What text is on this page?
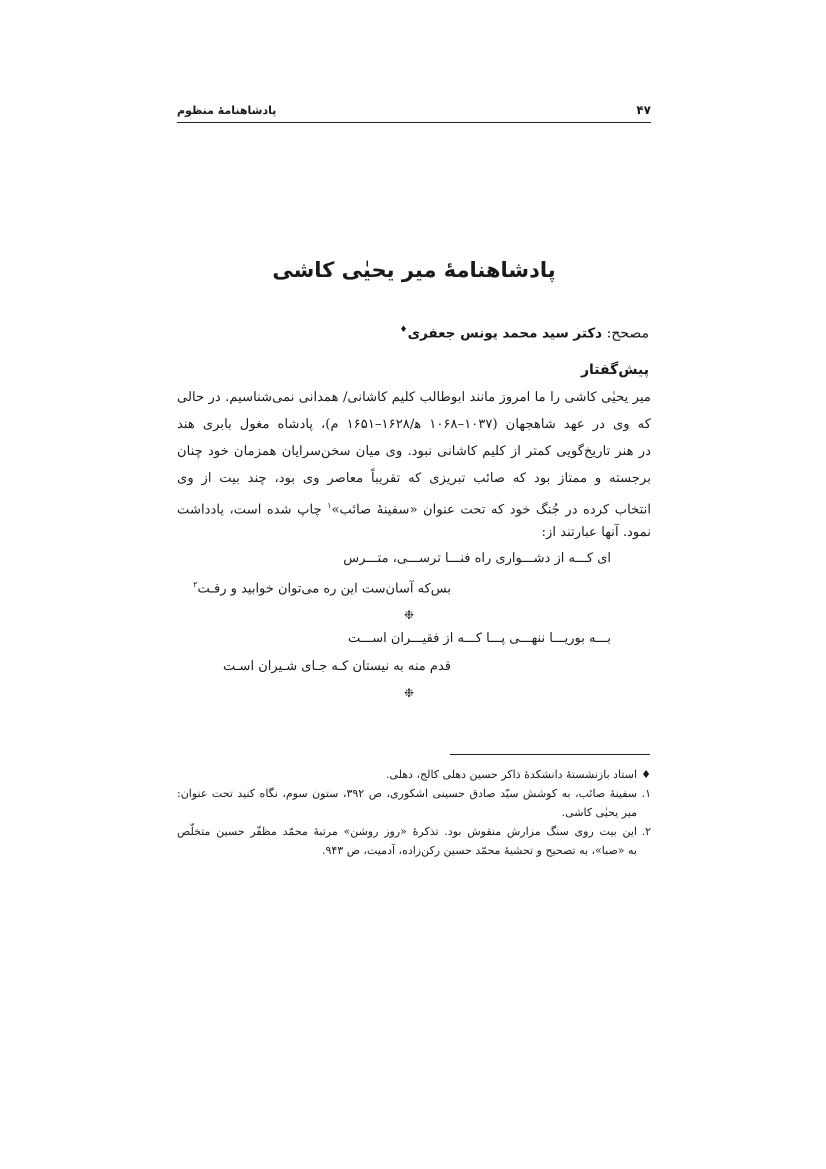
پادشاهنامهٔ منظوم	۴۷
پادشاهنامهٔ میر یحیٰی کاشی
مصحح: دکتر سید محمد یونس جعفری♦
پیش‌گفتار
میر یحیٰی کاشی را ما امروز مانند ابوطالب کلیم کاشانی/ همدانی نمی‌شناسیم. در حالی
که وی در عهد شاهجهان (۱۰۳۷–۱۰۶۸ ه‍/۱۶۲۸–۱۶۵۱ م)، پادشاه مغول بابری هند
در هنر تاریخ‌گویی کمتر از کلیم کاشانی نبود. وی میان سخن‌سرایان همزمان خود چنان
برجسته و ممتاز بود که صائب تبریزی که تقریباً معاصر وی بود، چند بیت از وی
انتخاب کرده در جُنگ خود که تحت عنوان «سفینهٔ صائب»$^۱$ چاپ شده است، یادداشت
نمود. آنها عبارتند از:
ای کـــه از دشـــواری راه فنـــا ترســـی، متـــرس
بس‌که آسان‌ست این ره می‌توان خوابید و رفـت$^۲$
❉
بـــه بوریـــا ننهـــی پـــا کـــه از فقیـــران اســـت
قدم منه به نیستان کـه جـای شـیران اسـت
❉
♦
استاد بازنشستهٔ دانشکدهٔ ذاکر حسین دهلی کالج، دهلی.
۱.
سفینهٔ صائب، به کوشش سیّد صادق حسینی اشکوری، ص ۳۹۲، ستون سوم، نگاه کنید تحت عنوان:
میر یحیٰی کاشی.
۲.
این بیت روی سنگ مزارش منقوش بود. تذکرهٔ «روز روشن» مرتبهٔ محمّد مظفّر حسین متخلّص
به «صبا»، به تصحیح و تحشیهٔ محمّد حسین رکن‌زاده، آدمیت، ص ۹۴۳.
